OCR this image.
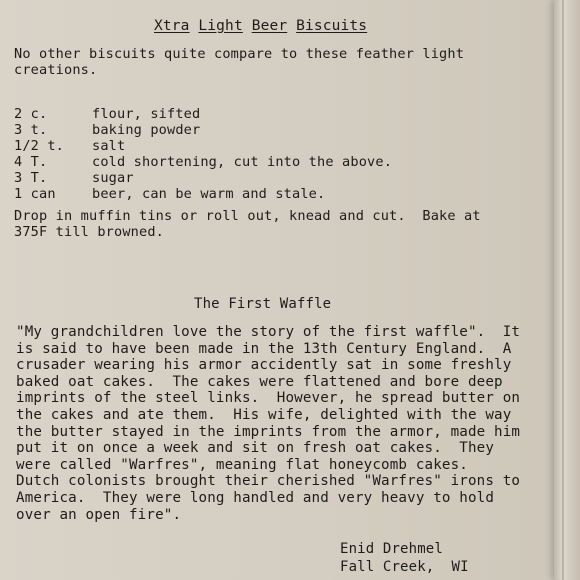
Xtra Light Beer Biscuits
No other biscuits quite compare to these feather light
creations.
2 c.	flour, sifted
3 t.	baking powder
1/2 t.	salt
4 T.	cold shortening, cut into the above.
3 T.	sugar
1 can	beer, can be warm and stale.
Drop in muffin tins or roll out, knead and cut.  Bake at
375F till browned.
The First Waffle
"My grandchildren love the story of the first waffle".  It
is said to have been made in the 13th Century England.  A
crusader wearing his armor accidently sat in some freshly
baked oat cakes.  The cakes were flattened and bore deep
imprints of the steel links.  However, he spread butter on
the cakes and ate them.  His wife, delighted with the way
the butter stayed in the imprints from the armor, made him
put it on once a week and sit on fresh oat cakes.  They
were called "Warfres", meaning flat honeycomb cakes.
Dutch colonists brought their cherished "Warfres" irons to
America.  They were long handled and very heavy to hold
over an open fire".
Enid Drehmel
Fall Creek,  WI
